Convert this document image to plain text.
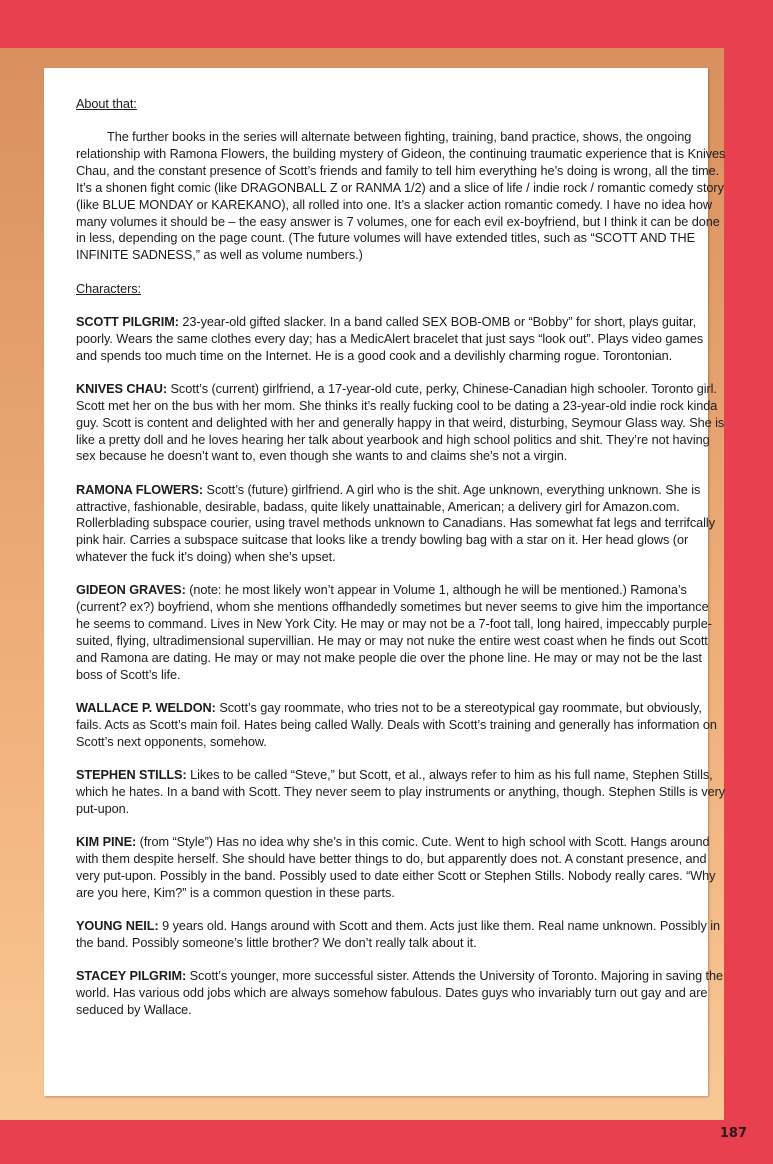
About that:

The further books in the series will alternate between fighting, training, band practice, shows, the ongoing relationship with Ramona Flowers, the building mystery of Gideon, the continuing traumatic experience that is Knives Chau, and the constant presence of Scott’s friends and family to tell him everything he’s doing is wrong, all the time. It’s a shonen fight comic (like DRAGONBALL Z or RANMA 1/2) and a slice of life / indie rock / romantic comedy story (like BLUE MONDAY or KAREKANO), all rolled into one. It’s a slacker action romantic comedy. I have no idea how many volumes it should be – the easy answer is 7 volumes, one for each evil ex-boyfriend, but I think it can be done in less, depending on the page count. (The future volumes will have extended titles, such as “SCOTT AND THE INFINITE SADNESS,” as well as volume numbers.)

Characters:

SCOTT PILGRIM: 23-year-old gifted slacker. In a band called SEX BOB-OMB or “Bobby” for short, plays guitar, poorly. Wears the same clothes every day; has a MedicAlert bracelet that just says “look out”. Plays video games and spends too much time on the Internet. He is a good cook and a devilishly charming rogue. Torontonian.

KNIVES CHAU: Scott’s (current) girlfriend, a 17-year-old cute, perky, Chinese-Canadian high schooler. Toronto girl. Scott met her on the bus with her mom. She thinks it’s really fucking cool to be dating a 23-year-old indie rock kinda guy. Scott is content and delighted with her and generally happy in that weird, disturbing, Seymour Glass way. She is like a pretty doll and he loves hearing her talk about yearbook and high school politics and shit. They’re not having sex because he doesn’t want to, even though she wants to and claims she’s not a virgin.

RAMONA FLOWERS: Scott’s (future) girlfriend. A girl who is the shit. Age unknown, everything unknown. She is attractive, fashionable, desirable, badass, quite likely unattainable, American; a delivery girl for Amazon.com. Rollerblading subspace courier, using travel methods unknown to Canadians. Has somewhat fat legs and terrifcally pink hair. Carries a subspace suitcase that looks like a trendy bowling bag with a star on it. Her head glows (or whatever the fuck it’s doing) when she’s upset.

GIDEON GRAVES: (note: he most likely won’t appear in Volume 1, although he will be mentioned.) Ramona’s (current? ex?) boyfriend, whom she mentions offhandedly sometimes but never seems to give him the importance he seems to command. Lives in New York City. He may or may not be a 7-foot tall, long haired, impeccably purple-suited, flying, ultradimensional supervillian. He may or may not nuke the entire west coast when he finds out Scott and Ramona are dating. He may or may not make people die over the phone line. He may or may not be the last boss of Scott’s life.

WALLACE P. WELDON: Scott’s gay roommate, who tries not to be a stereotypical gay roommate, but obviously, fails. Acts as Scott’s main foil. Hates being called Wally. Deals with Scott’s training and generally has information on Scott’s next opponents, somehow.

STEPHEN STILLS: Likes to be called “Steve,” but Scott, et al., always refer to him as his full name, Stephen Stills, which he hates. In a band with Scott. They never seem to play instruments or anything, though. Stephen Stills is very put-upon.

KIM PINE: (from “Style”) Has no idea why she’s in this comic. Cute. Went to high school with Scott. Hangs around with them despite herself. She should have better things to do, but apparently does not. A constant presence, and very put-upon. Possibly in the band. Possibly used to date either Scott or Stephen Stills. Nobody really cares. “Why are you here, Kim?” is a common question in these parts.

YOUNG NEIL: 9 years old. Hangs around with Scott and them. Acts just like them. Real name unknown. Possibly in the band. Possibly someone’s little brother? We don’t really talk about it.

STACEY PILGRIM: Scott’s younger, more successful sister. Attends the University of Toronto. Majoring in saving the world. Has various odd jobs which are always somehow fabulous. Dates guys who invariably turn out gay and are seduced by Wallace.

187
